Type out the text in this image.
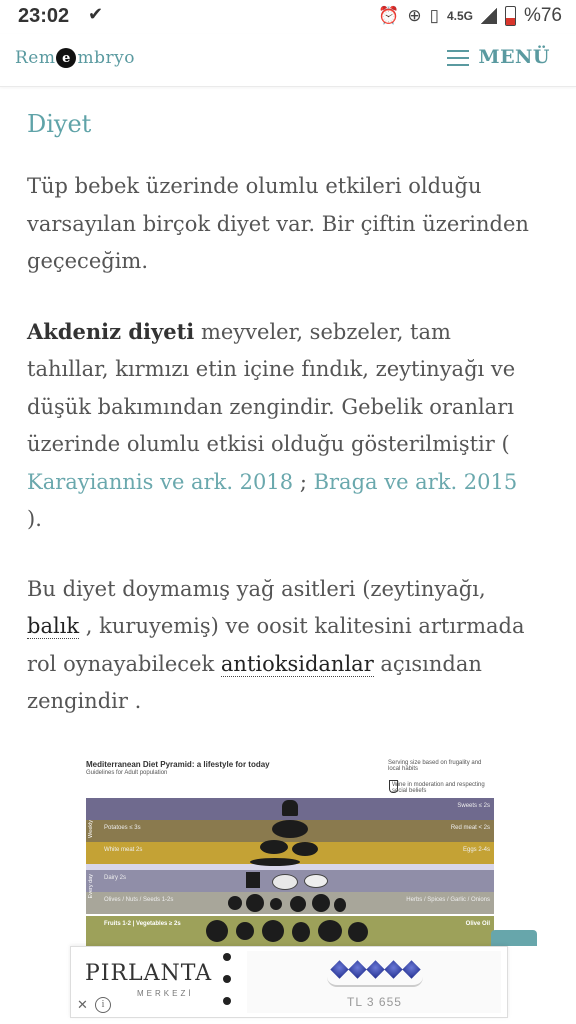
23:02 ✔	⏰ ⊕ ▯ 4.5G	%76
Rem e mbryo	MENÜ
Diyet

Tüp bebek üzerinde olumlu etkileri olduğu varsayılan birçok diyet var. Bir çiftin üzerinden geçeceğim.

Akdeniz diyeti meyveler, sebzeler, tam tahıllar, kırmızı etin içine fındık, zeytinyağı ve düşük bakımından zengindir. Gebelik oranları üzerinde olumlu etkisi olduğu gösterilmiştir ( Karayiannis ve ark. 2018 ; Braga ve ark. 2015 ).

Bu diyet doymamış yağ asitleri (zeytinyağı, balık , kuruyemiş) ve oosit kalitesini artırmada rol oynayabilecek antioksidanlar açısından zengindir .

Mediterranean Diet Pyramid: a lifestyle for today
Guidelines for Adult population
Serving size based on frugality and local habits
Wine in moderation and respecting social beliefs
Sweets ≤ 2s
Potatoes ≤ 3s	Red meat < 2s
White meat 2s	Eggs 2-4s
Dairy 2s
Olives / Nuts / Seeds 1-2s	Herbs / Spices / Garlic / Onions
Fruits 1-2 | Vegetables ≥ 2s	Olive Oil
Weekly
Every day
PIRLANTA
MERKEZİ
✕	i	TL 3 655
